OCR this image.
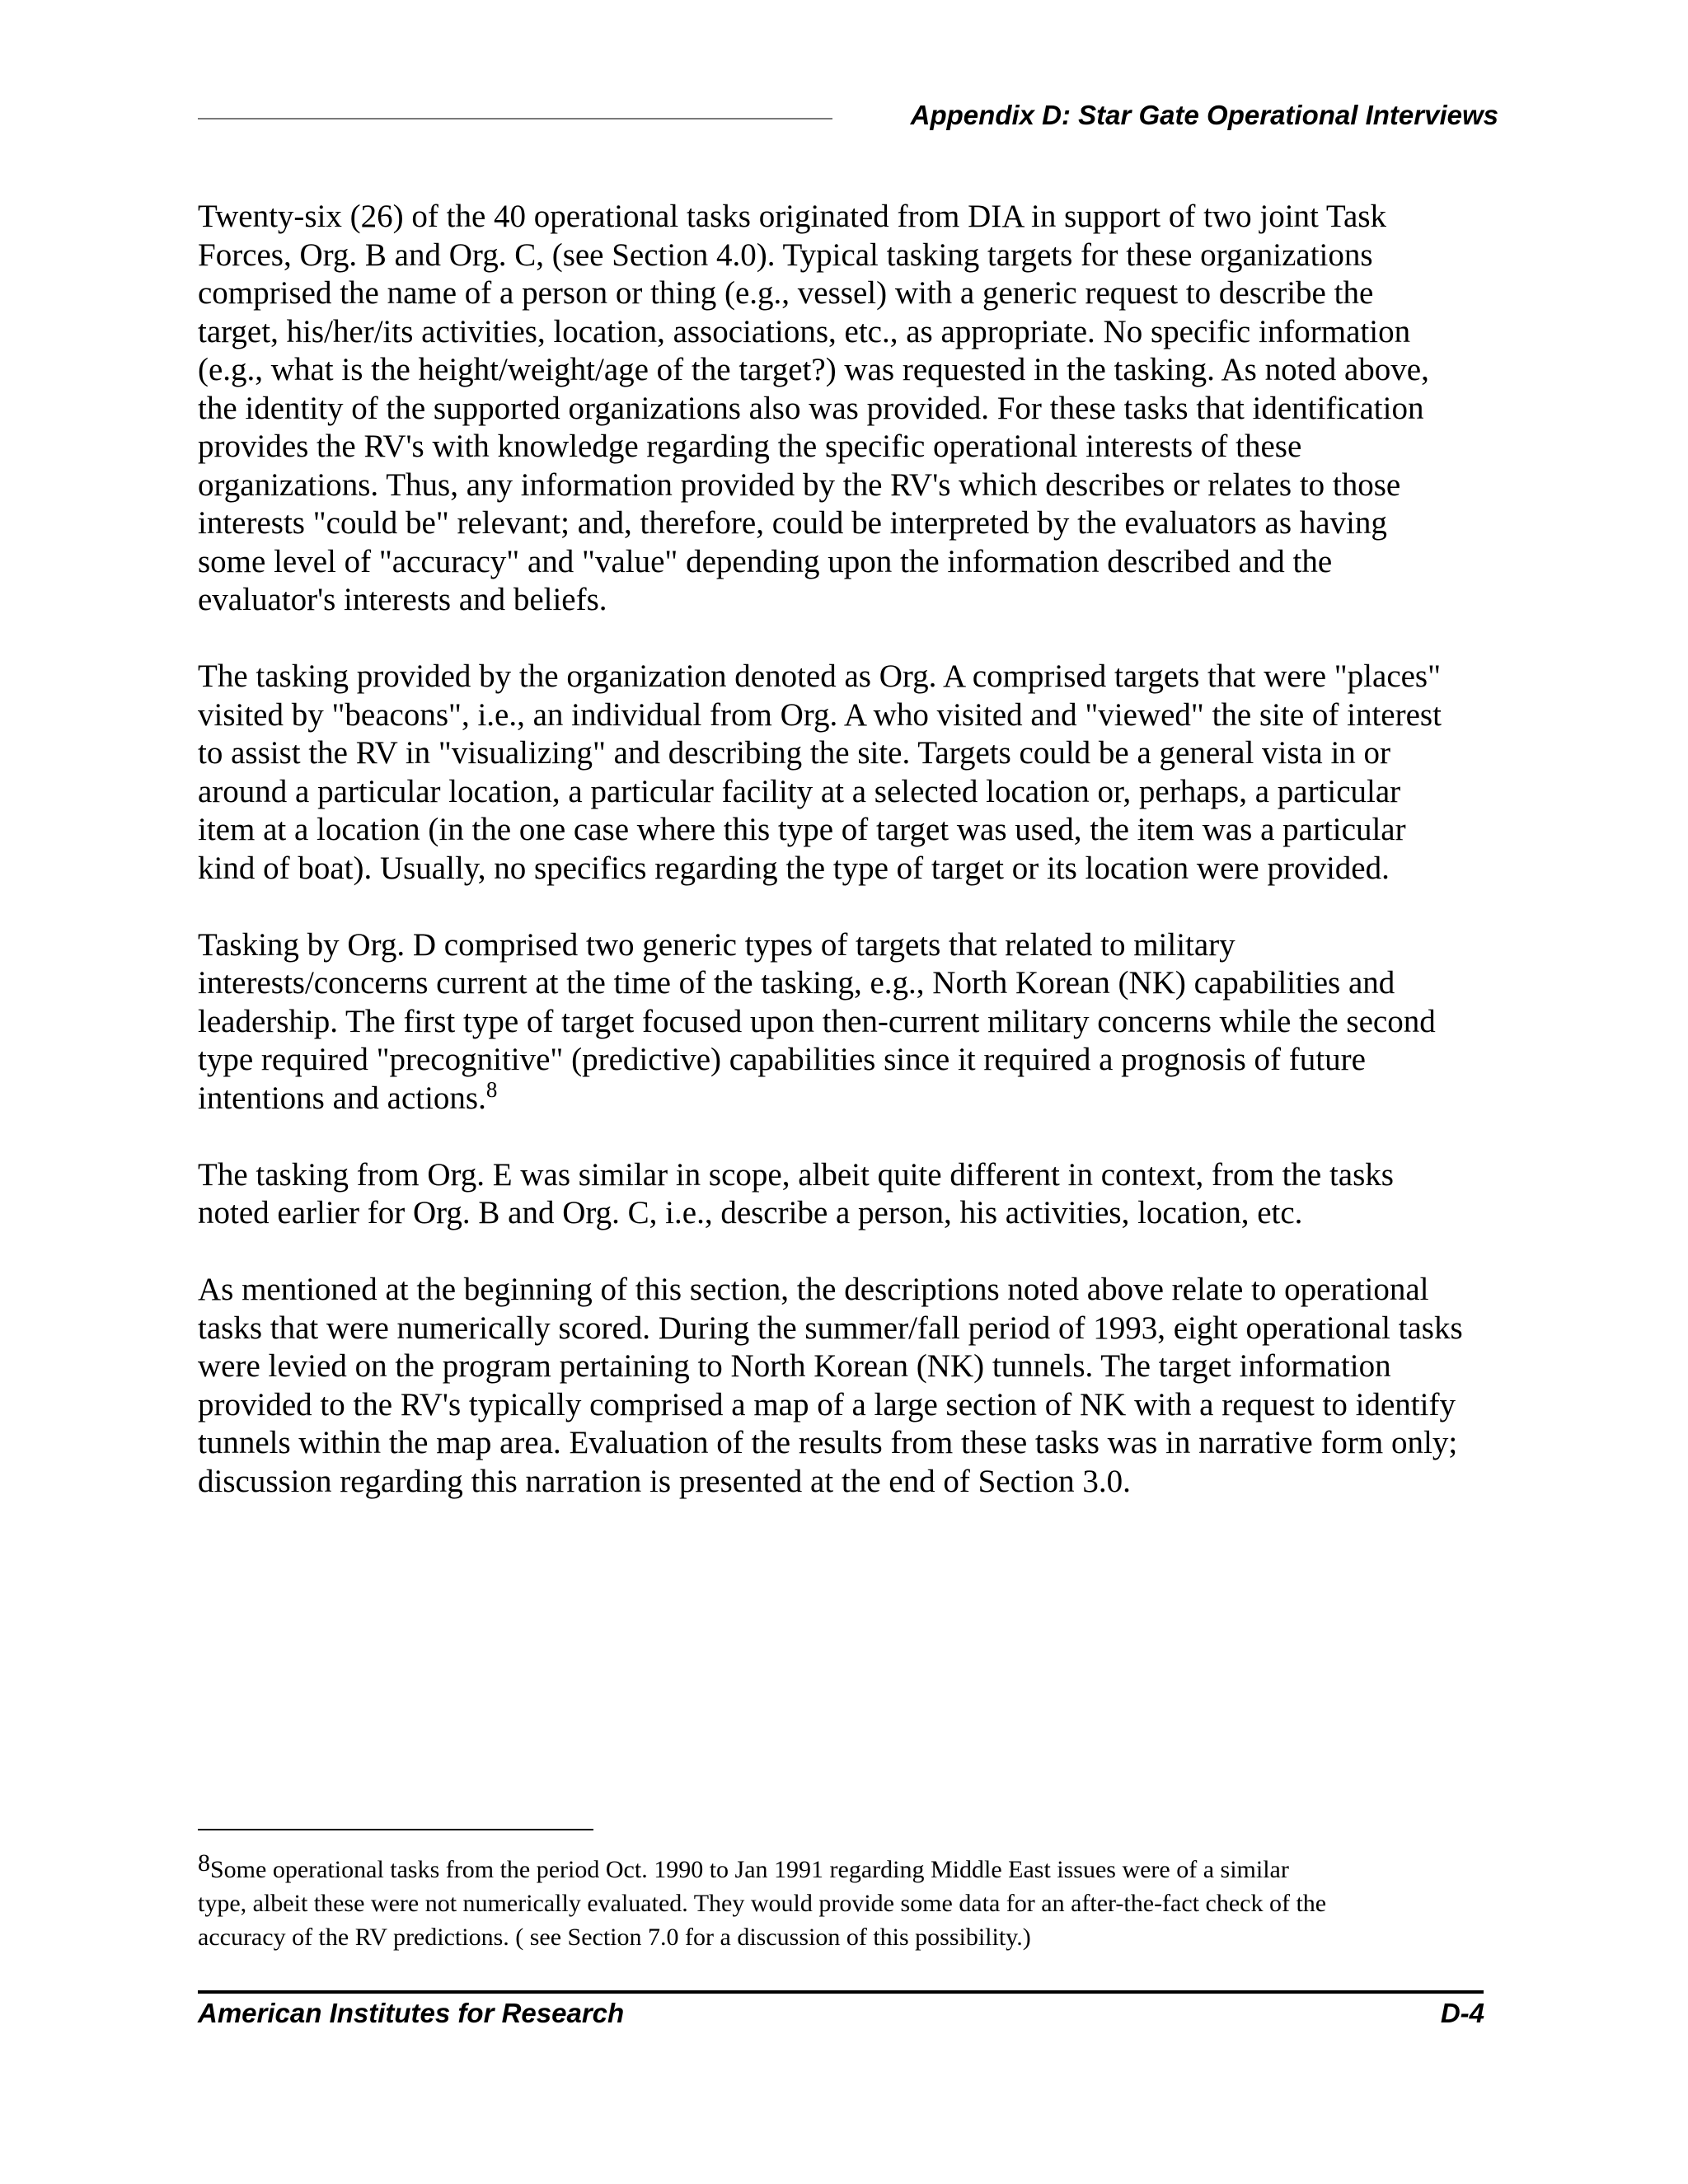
Appendix D: Star Gate Operational Interviews

Twenty-six (26) of the 40 operational tasks originated from DIA in support of two joint Task
Forces, Org. B and Org. C, (see Section 4.0). Typical tasking targets for these organizations
comprised the name of a person or thing (e.g., vessel) with a generic request to describe the
target, his/her/its activities, location, associations, etc., as appropriate. No specific information
(e.g., what is the height/weight/age of the target?) was requested in the tasking. As noted above,
the identity of the supported organizations also was provided. For these tasks that identification
provides the RV's with knowledge regarding the specific operational interests of these
organizations. Thus, any information provided by the RV's which describes or relates to those
interests "could be" relevant; and, therefore, could be interpreted by the evaluators as having
some level of "accuracy" and "value" depending upon the information described and the
evaluator's interests and beliefs.

The tasking provided by the organization denoted as Org. A comprised targets that were "places"
visited by "beacons", i.e., an individual from Org. A who visited and "viewed" the site of interest
to assist the RV in "visualizing" and describing the site. Targets could be a general vista in or
around a particular location, a particular facility at a selected location or, perhaps, a particular
item at a location (in the one case where this type of target was used, the item was a particular
kind of boat). Usually, no specifics regarding the type of target or its location were provided.

Tasking by Org. D comprised two generic types of targets that related to military
interests/concerns current at the time of the tasking, e.g., North Korean (NK) capabilities and
leadership. The first type of target focused upon then-current military concerns while the second
type required "precognitive" (predictive) capabilities since it required a prognosis of future
intentions and actions.$^8$

The tasking from Org. E was similar in scope, albeit quite different in context, from the tasks
noted earlier for Org. B and Org. C, i.e., describe a person, his activities, location, etc.

As mentioned at the beginning of this section, the descriptions noted above relate to operational
tasks that were numerically scored. During the summer/fall period of 1993, eight operational tasks
were levied on the program pertaining to North Korean (NK) tunnels. The target information
provided to the RV's typically comprised a map of a large section of NK with a request to identify
tunnels within the map area. Evaluation of the results from these tasks was in narrative form only;
discussion regarding this narration is presented at the end of Section 3.0.

$^8$Some operational tasks from the period Oct. 1990 to Jan 1991 regarding Middle East issues were of a similar
type, albeit these were not numerically evaluated. They would provide some data for an after-the-fact check of the
accuracy of the RV predictions. ( see Section 7.0 for a discussion of this possibility.)
American Institutes for Research	D-4
